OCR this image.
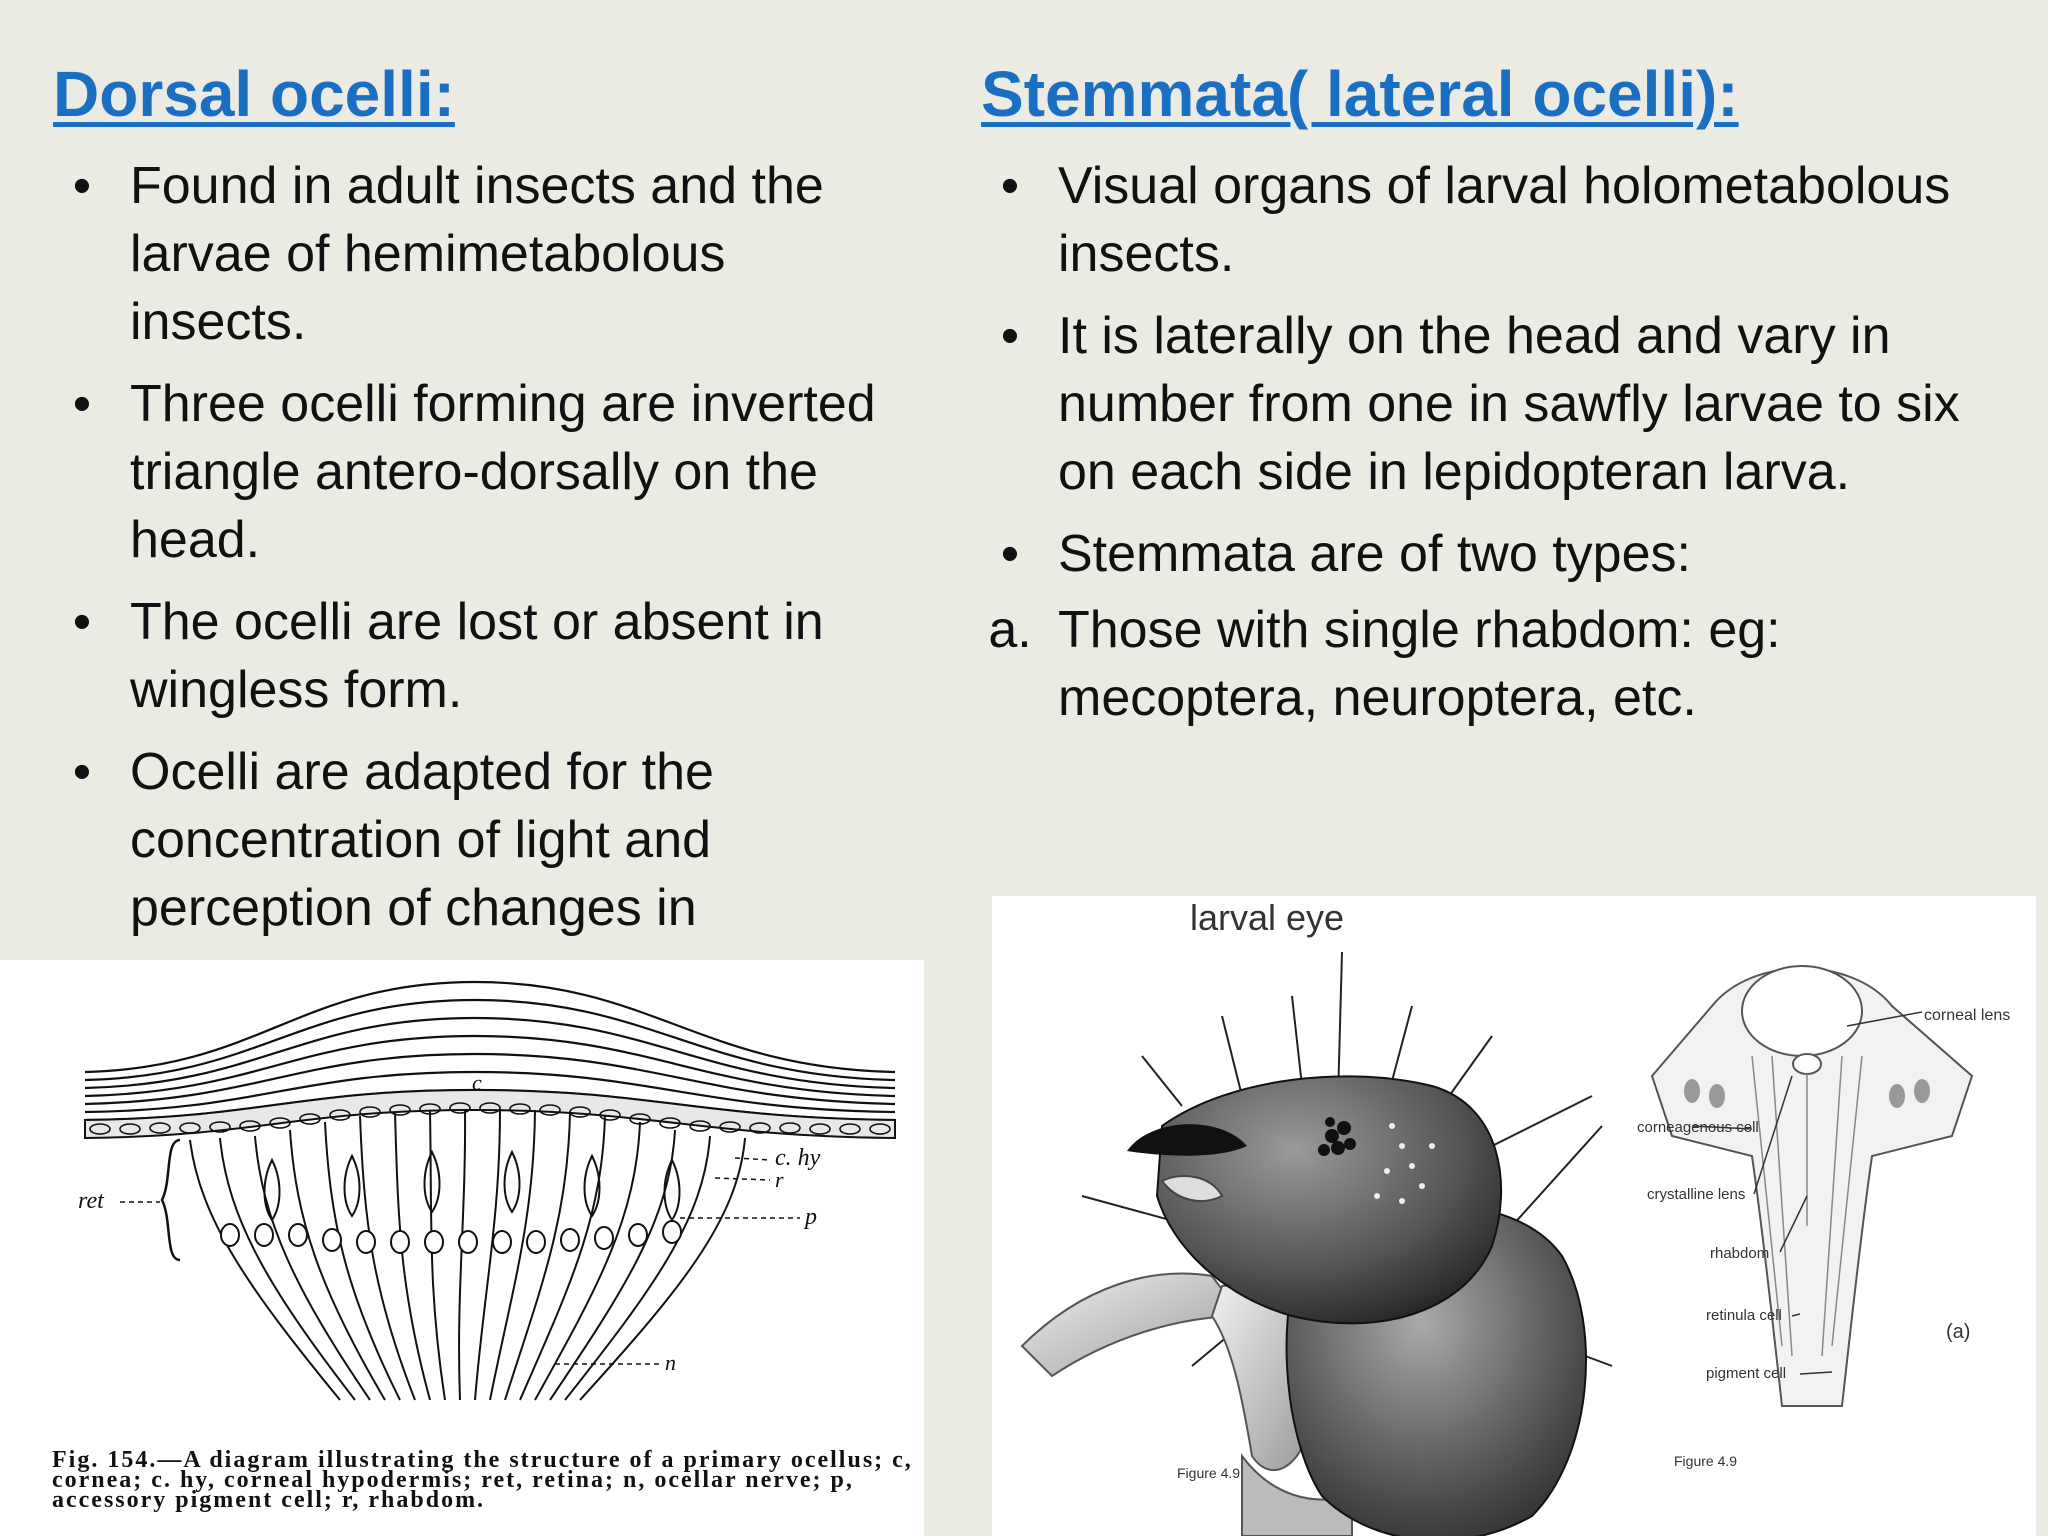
Dorsal ocelli:
• Found in adult insects and the larvae of hemimetabolous insects.
• Three ocelli forming are inverted triangle antero-dorsally on the head.
• The ocelli are lost or absent in wingless form.
• Ocelli are adapted for the concentration of light and perception of changes in
Stemmata( lateral ocelli):
• Visual organs of larval holometabolous insects.
• It is laterally on the head and vary in number from one in sawfly larvae to six on each side in lepidopteran larva.
• Stemmata are of two types:
a. Those with single rhabdom: eg: mecoptera, neuroptera, etc.
c
c. hy
r
p
ret
n
Fig. 154.—A diagram illustrating the structure of a primary ocellus; c, cornea; c. hy, corneal hypodermis; ret, retina; n, ocellar nerve; p, accessory pigment cell; r, rhabdom.
larval eye
Figure 4.9
corneal lens
corneagenous cell
crystalline lens
rhabdom
retinula cell
pigment cell
(a)
Figure 4.9
